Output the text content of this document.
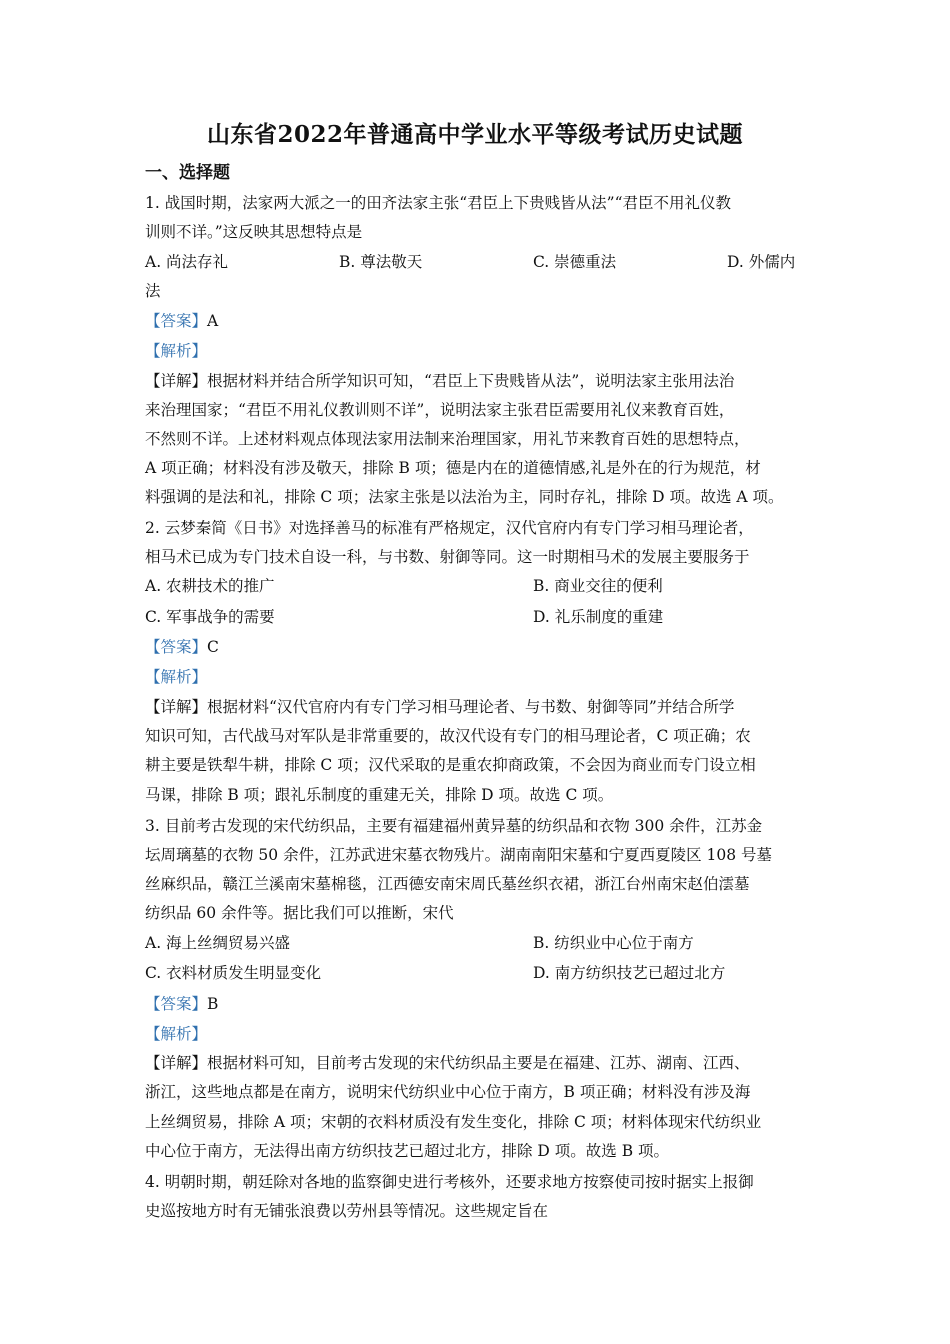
山东省2022年普通高中学业水平等级考试历史试题
一、选择题
1. 战国时期，法家两大派之一的田齐法家主张“君臣上下贵贱皆从法”“君臣不用礼仪教
训则不详。”这反映其思想特点是
A. 尚法存礼	B. 尊法敬天	C. 崇德重法	D. 外儒内
法
【答案】A
【解析】
【详解】根据材料并结合所学知识可知，“君臣上下贵贱皆从法”，说明法家主张用法治
来治理国家；“君臣不用礼仪教训则不详”，说明法家主张君臣需要用礼仪来教育百姓，
不然则不详。上述材料观点体现法家用法制来治理国家，用礼节来教育百姓的思想特点，
A 项正确；材料没有涉及敬天，排除 B 项；德是内在的道德情感,礼是外在的行为规范，材
料强调的是法和礼，排除 C 项；法家主张是以法治为主，同时存礼，排除 D 项。故选 A 项。
2. 云梦秦简《日书》对选择善马的标准有严格规定，汉代官府内有专门学习相马理论者，
相马术已成为专门技术自设一科，与书数、射御等同。这一时期相马术的发展主要服务于
A. 农耕技术的推广	B. 商业交往的便利
C. 军事战争的需要	D. 礼乐制度的重建
【答案】C
【解析】
【详解】根据材料“汉代官府内有专门学习相马理论者、与书数、射御等同”并结合所学
知识可知，古代战马对军队是非常重要的，故汉代设有专门的相马理论者，C 项正确；农
耕主要是铁犁牛耕，排除 C 项；汉代采取的是重农抑商政策，不会因为商业而专门设立相
马课，排除 B 项；跟礼乐制度的重建无关，排除 D 项。故选 C 项。
3. 目前考古发现的宋代纺织品，主要有福建福州黄异墓的纺织品和衣物 300 余件，江苏金
坛周璃墓的衣物 50 余件，江苏武进宋墓衣物残片。湖南南阳宋墓和宁夏西夏陵区 108 号墓
丝麻织品，赣江兰溪南宋墓棉毯，江西德安南宋周氏墓丝织衣裙，浙江台州南宋赵伯澐墓
纺织品 60 余件等。据比我们可以推断，宋代
A. 海上丝绸贸易兴盛	B. 纺织业中心位于南方
C. 衣料材质发生明显变化	D. 南方纺织技艺已超过北方
【答案】B
【解析】
【详解】根据材料可知，目前考古发现的宋代纺织品主要是在福建、江苏、湖南、江西、
浙江，这些地点都是在南方，说明宋代纺织业中心位于南方，B 项正确；材料没有涉及海
上丝绸贸易，排除 A 项；宋朝的衣料材质没有发生变化，排除 C 项；材料体现宋代纺织业
中心位于南方，无法得出南方纺织技艺已超过北方，排除 D 项。故选 B 项。
4. 明朝时期，朝廷除对各地的监察御史进行考核外，还要求地方按察使司按时据实上报御
史巡按地方时有无铺张浪费以劳州县等情况。这些规定旨在
